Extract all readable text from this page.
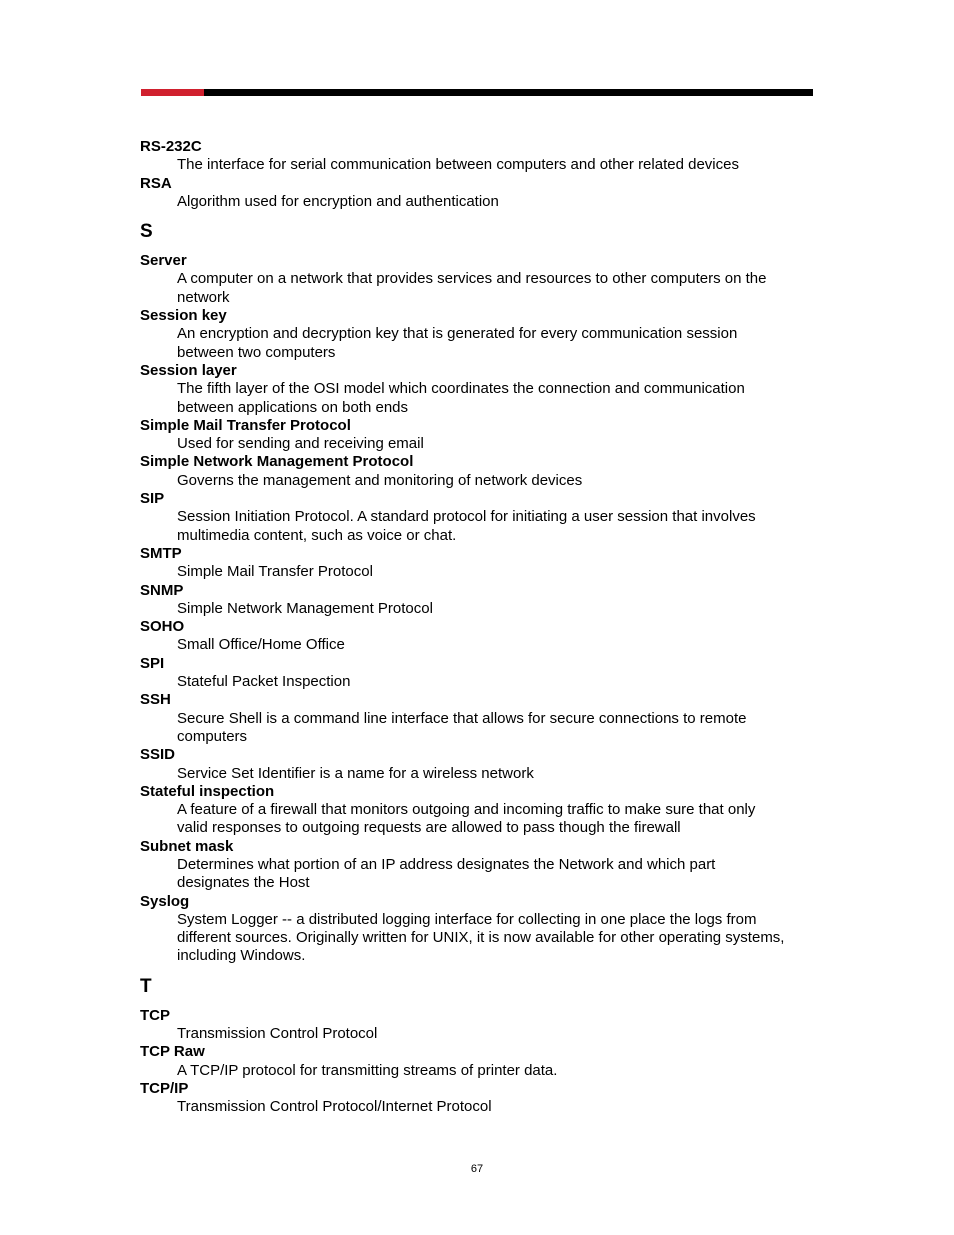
RS-232C
The interface for serial communication between computers and other related devices
RSA
Algorithm used for encryption and authentication
S
Server
A computer on a network that provides services and resources to other computers on the
network
Session key
An encryption and decryption key that is generated for every communication session
between two computers
Session layer
The fifth layer of the OSI model which coordinates the connection and communication
between applications on both ends
Simple Mail Transfer Protocol
Used for sending and receiving email
Simple Network Management Protocol
Governs the management and monitoring of network devices
SIP
Session Initiation Protocol. A standard protocol for initiating a user session that involves
multimedia content, such as voice or chat.
SMTP
Simple Mail Transfer Protocol
SNMP
Simple Network Management Protocol
SOHO
Small Office/Home Office
SPI
Stateful Packet Inspection
SSH
Secure Shell is a command line interface that allows for secure connections to remote
computers
SSID
Service Set Identifier is a name for a wireless network
Stateful inspection
A feature of a firewall that monitors outgoing and incoming traffic to make sure that only
valid responses to outgoing requests are allowed to pass though the firewall
Subnet mask
Determines what portion of an IP address designates the Network and which part
designates the Host
Syslog
System Logger -- a distributed logging interface for collecting in one place the logs from
different sources. Originally written for UNIX, it is now available for other operating systems,
including Windows.
T
TCP
Transmission Control Protocol
TCP Raw
A TCP/IP protocol for transmitting streams of printer data.
TCP/IP
Transmission Control Protocol/Internet Protocol
67
